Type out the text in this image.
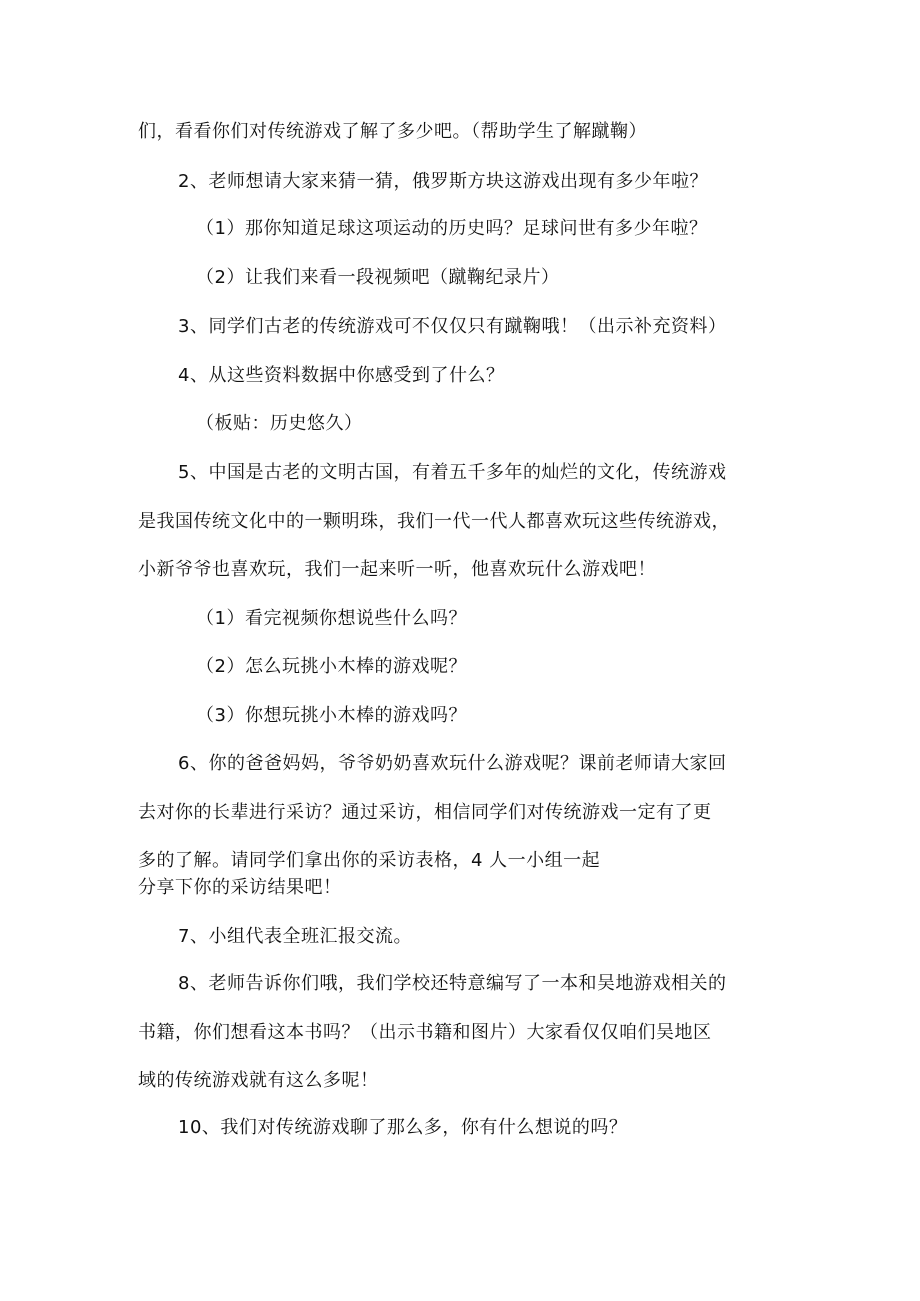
们，看看你们对传统游戏了解了多少吧。（帮助学生了解蹴鞠）
2、老师想请大家来猜一猜，俄罗斯方块这游戏出现有多少年啦？
（1）那你知道足球这项运动的历史吗？足球问世有多少年啦？
（2）让我们来看一段视频吧（蹴鞠纪录片）
3、同学们古老的传统游戏可不仅仅只有蹴鞠哦！（出示补充资料）
4、从这些资料数据中你感受到了什么？
（板贴：历史悠久）
5、中国是古老的文明古国，有着五千多年的灿烂的文化，传统游戏
是我国传统文化中的一颗明珠，我们一代一代人都喜欢玩这些传统游戏，
小新爷爷也喜欢玩，我们一起来听一听，他喜欢玩什么游戏吧！
（1）看完视频你想说些什么吗？
（2）怎么玩挑小木棒的游戏呢？
（3）你想玩挑小木棒的游戏吗？
6、你的爸爸妈妈，爷爷奶奶喜欢玩什么游戏呢？课前老师请大家回
去对你的长辈进行采访？通过采访，相信同学们对传统游戏一定有了更
多的了解。请同学们拿出你的采访表格，4 人一小组一起
分享下你的采访结果吧！
7、小组代表全班汇报交流。
8、老师告诉你们哦，我们学校还特意编写了一本和吴地游戏相关的
书籍，你们想看这本书吗？（出示书籍和图片）大家看仅仅咱们吴地区
域的传统游戏就有这么多呢！
10、我们对传统游戏聊了那么多，你有什么想说的吗？
